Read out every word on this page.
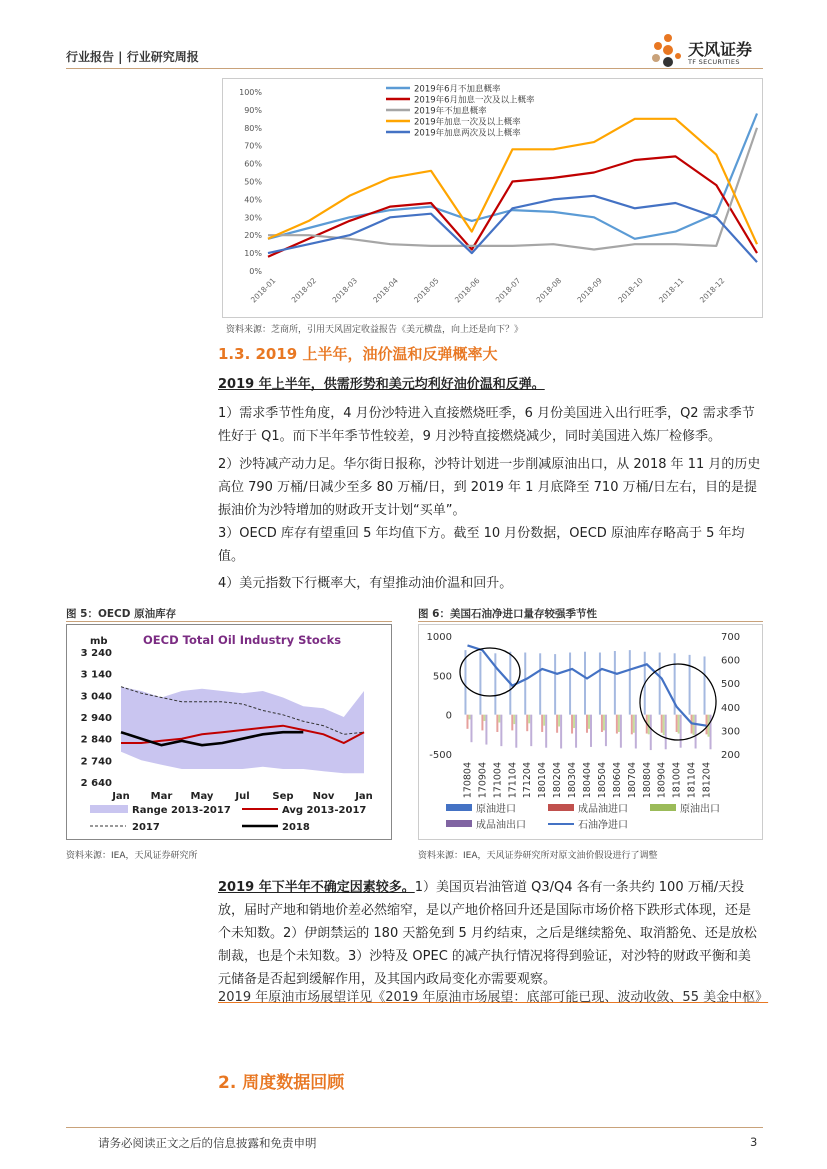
行业报告 | 行业研究周报	天风证券
TF SECURITIES
100%
90%
80%
70%
60%
50%
40%
30%
20%
10%
0%
2019年6月不加息概率
2019年6月加息一次及以上概率
2019年不加息概率
2019年加息一次及以上概率
2019年加息两次及以上概率
2018-01 2018-02 2018-03 2018-04 2018-05 2018-06 2018-07 2018-08 2018-09 2018-10 2018-11 2018-12
资料来源：芝商所，引用天风固定收益报告《美元横盘，向上还是向下？》
1.3. 2019 上半年，油价温和反弹概率大
2019 年上半年，供需形势和美元均利好油价温和反弹。
1）需求季节性角度，4 月份沙特进入直接燃烧旺季，6 月份美国进入出行旺季，Q2 需求季节性好于 Q1。而下半年季节性较差，9 月沙特直接燃烧减少，同时美国进入炼厂检修季。
2）沙特减产动力足。华尔街日报称，沙特计划进一步削减原油出口，从 2018 年 11 月的历史高位 790 万桶/日减少至多 80 万桶/日，到 2019 年 1 月底降至 710 万桶/日左右，目的是提振油价为沙特增加的财政开支计划“买单”。
3）OECD 库存有望重回 5 年均值下方。截至 10 月份数据，OECD 原油库存略高于 5 年均值。
4）美元指数下行概率大，有望推动油价温和回升。
图 5：OECD 原油库存
OECD Total Oil Industry Stocks
mb
3 240
3 140
3 040
2 940
2 840
2 740
2 640
Jan Mar May Jul Sep Nov Jan
Range 2013-2017	Avg 2013-2017
2017	2018
资料来源：IEA，天风证券研究所
图 6：美国石油净进口量存较强季节性
1000
500
0
-500
700
600
500
400
300
200
170804 170904 171004 171104 171204 180104 180204 180304 180404 180504 180604 180704 180804 180904 181004 181104 181204
原油进口	成品油进口	原油出口
成品油出口	石油净进口
资料来源：IEA，天风证券研究所对原文油价假设进行了调整
2019 年下半年不确定因素较多。1）美国页岩油管道 Q3/Q4 各有一条共约 100 万桶/天投放，届时产地和销地价差必然缩窄，是以产地价格回升还是国际市场价格下跌形式体现，还是个未知数。2）伊朗禁运的 180 天豁免到 5 月约结束，之后是继续豁免、取消豁免、还是放松制裁，也是个未知数。3）沙特及 OPEC 的减产执行情况将得到验证，对沙特的财政平衡和美元储备是否起到缓解作用，及其国内政局变化亦需要观察。
2019 年原油市场展望详见《2019 年原油市场展望：底部可能已现、波动收敛、55 美金中枢》
2. 周度数据回顾
请务必阅读正文之后的信息披露和免责申明	3
